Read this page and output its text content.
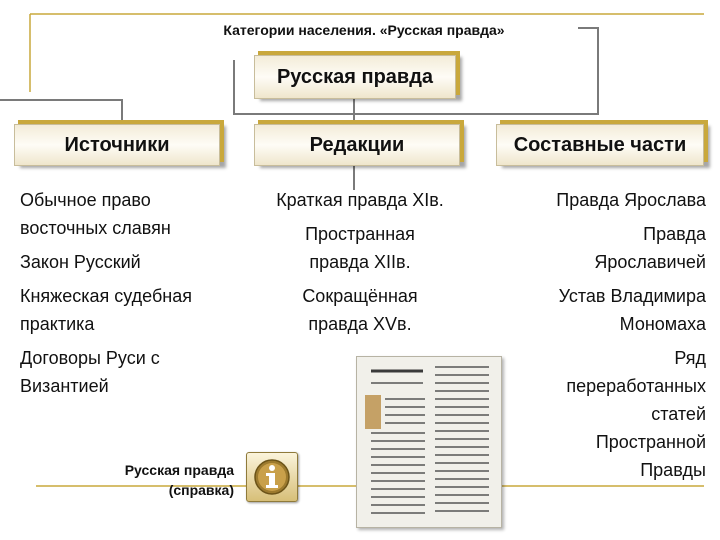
Категории населения. «Русская правда»
Русская правда
Источники	Редакции	Составные части

Обычное право восточных славян

Закон Русский

Княжеская судебная практика

Договоры Руси с Византией

Краткая правда XIв.

Пространная правда XIIв.

Сокращённая правда XVв.

Правда Ярослава

Правда Ярославичей

Устав Владимира Мономаха

Ряд переработанных статей Пространной Правды

Русская правда
(справка)
